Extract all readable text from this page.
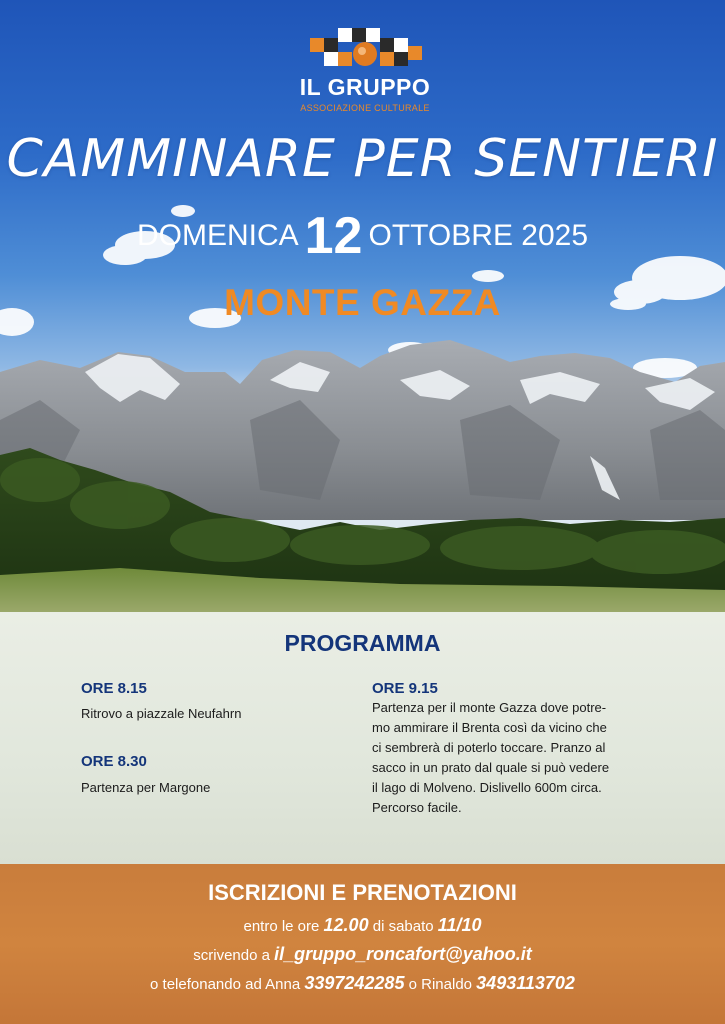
IL GRUPPO
ASSOCIAZIONE CULTURALE
CAMMINARE PER SENTIERI
DOMENICA 12 OTTOBRE 2025
MONTE GAZZA
PROGRAMMA
ORE 8.15
Ritrovo a piazzale Neufahrn
ORE 8.30
Partenza per Margone
ORE 9.15
Partenza per il monte Gazza dove potre-
mo ammirare il Brenta così da vicino che
ci sembrerà di poterlo toccare. Pranzo al
sacco in un prato dal quale si può vedere
il lago di Molveno. Dislivello 600m circa.
Percorso facile.
ISCRIZIONI E PRENOTAZIONI
entro le ore 12.00 di sabato 11/10
scrivendo a il_gruppo_roncafort@yahoo.it
o telefonando ad Anna 3397242285 o Rinaldo 3493113702
